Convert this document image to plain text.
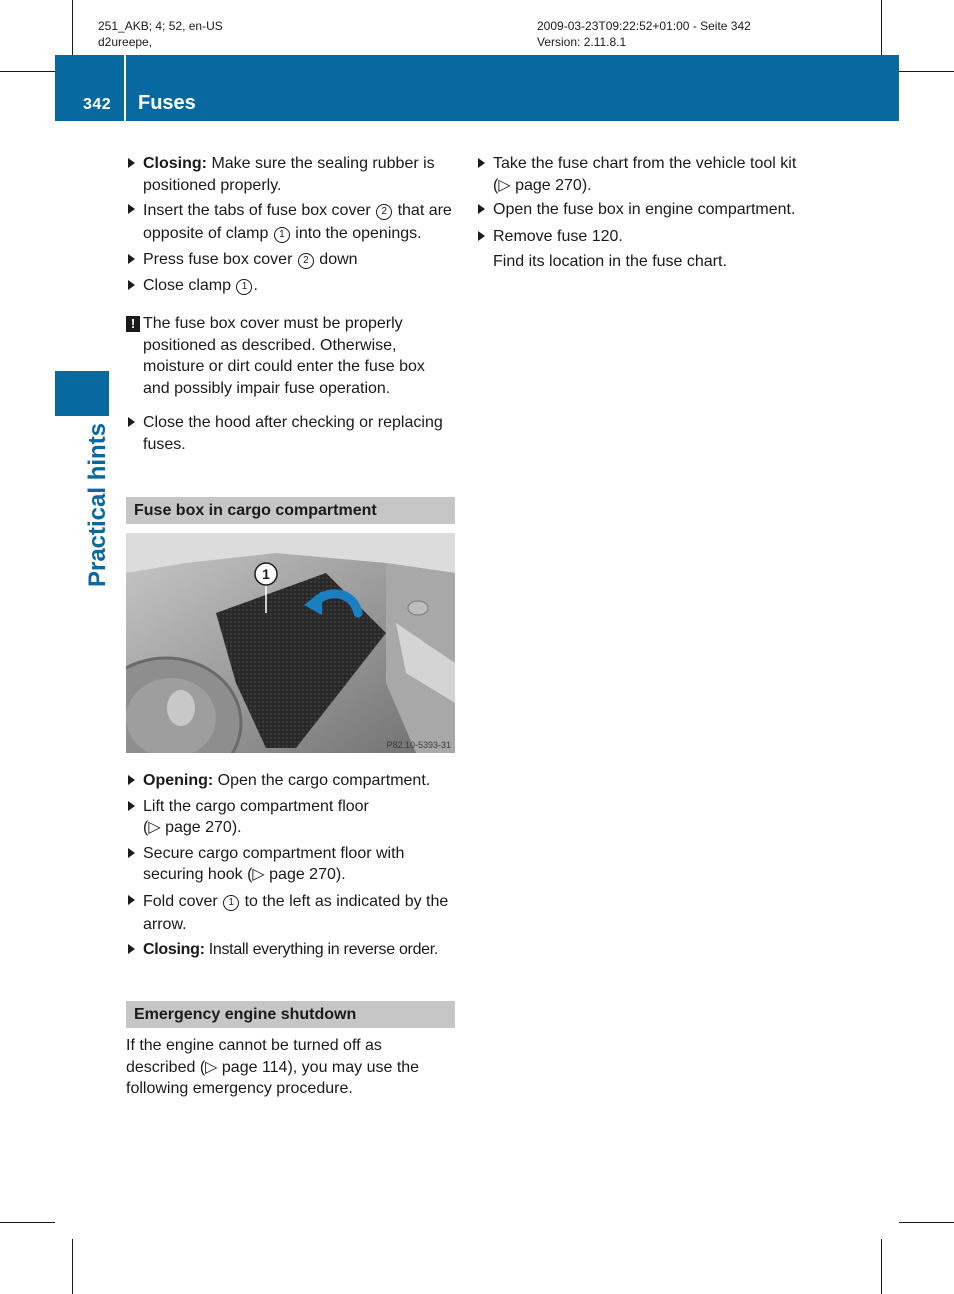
251_AKB; 4; 52, en-US
d2ureepe,
2009-03-23T09:22:52+01:00 - Seite 342
Version: 2.11.8.1
342 Fuses
Practical hints
Closing: Make sure the sealing rubber is positioned properly.
Insert the tabs of fuse box cover 2 that are opposite of clamp 1 into the openings.
Press fuse box cover 2 down
Close clamp 1 .
! The fuse box cover must be properly positioned as described. Otherwise, moisture or dirt could enter the fuse box and possibly impair fuse operation.
Close the hood after checking or replacing fuses.
Fuse box in cargo compartment
1
P82.10-5393-31
Opening: Open the cargo compartment.
Lift the cargo compartment floor
(▷ page 270).
Secure cargo compartment floor with securing hook (▷ page 270).
Fold cover 1 to the left as indicated by the arrow.
Closing: Install everything in reverse order.
Emergency engine shutdown
If the engine cannot be turned off as described (▷ page 114), you may use the following emergency procedure.
Take the fuse chart from the vehicle tool kit (▷ page 270).
Open the fuse box in engine compartment.
Remove fuse 120.
Find its location in the fuse chart.
